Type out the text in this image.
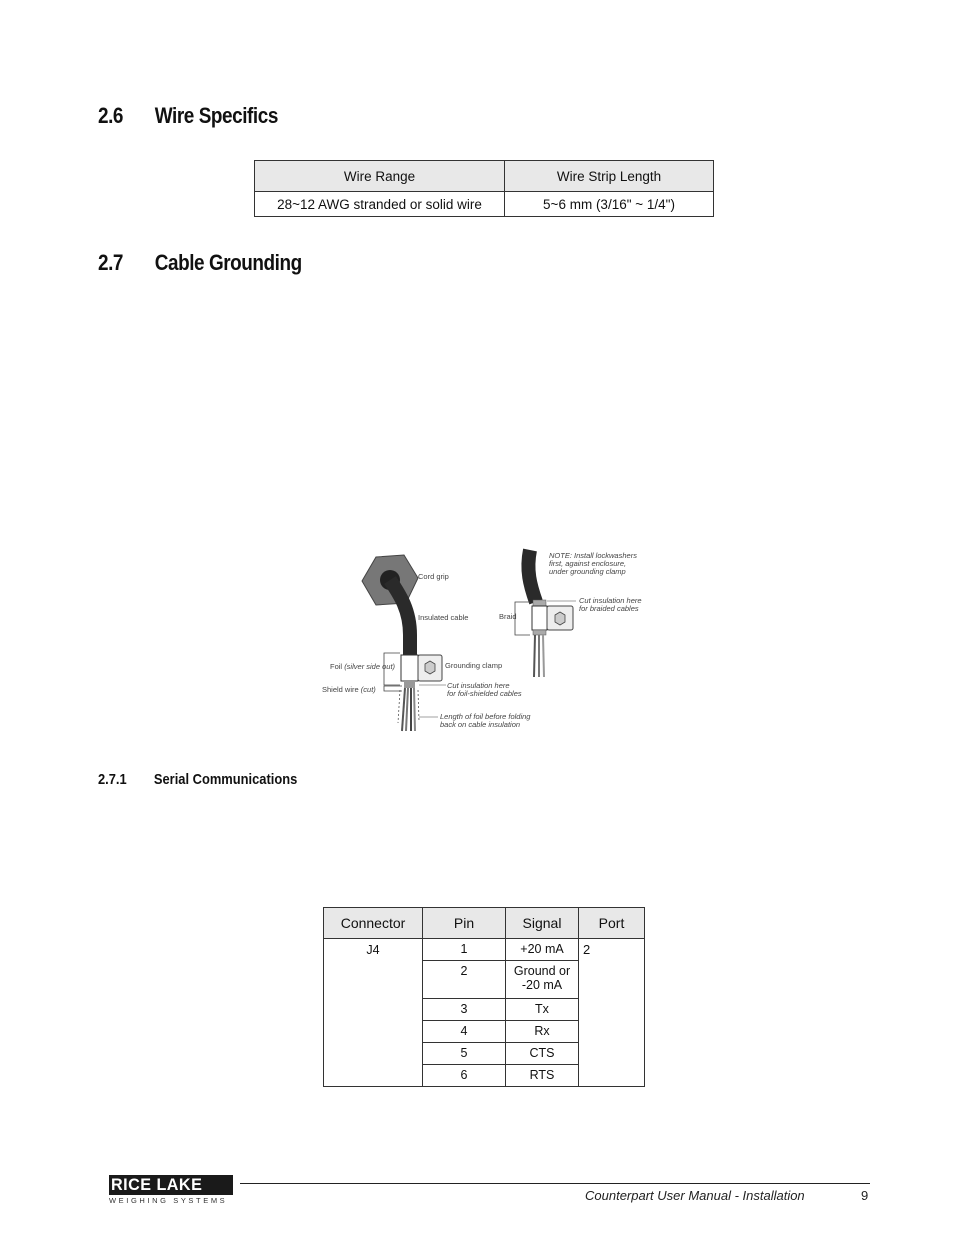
2.6 Wire Specifics
Wire Range	Wire Strip Length
28~12 AWG stranded or solid wire	5~6 mm (3/16" ~ 1/4")
2.7 Cable Grounding
Cord grip
Insulated cable
Grounding clamp
Foil (silver side out)
Shield wire (cut)	Cut insulation here
for foil-shielded cables
Length of foil before folding
back on cable insulation
NOTE: Install lockwashers
first, against enclosure,
under grounding clamp
Cut insulation here
for braided cables
Braid
2.7.1 Serial Communications
Connector	Pin	Signal	Port
J4	1	+20 mA	2
	2	Ground or
-20 mA	
	3	Tx	
	4	Rx	
	5	CTS	
	6	RTS	
RICE LAKE
WEIGHING SYSTEMS	Counterpart User Manual - Installation	9
